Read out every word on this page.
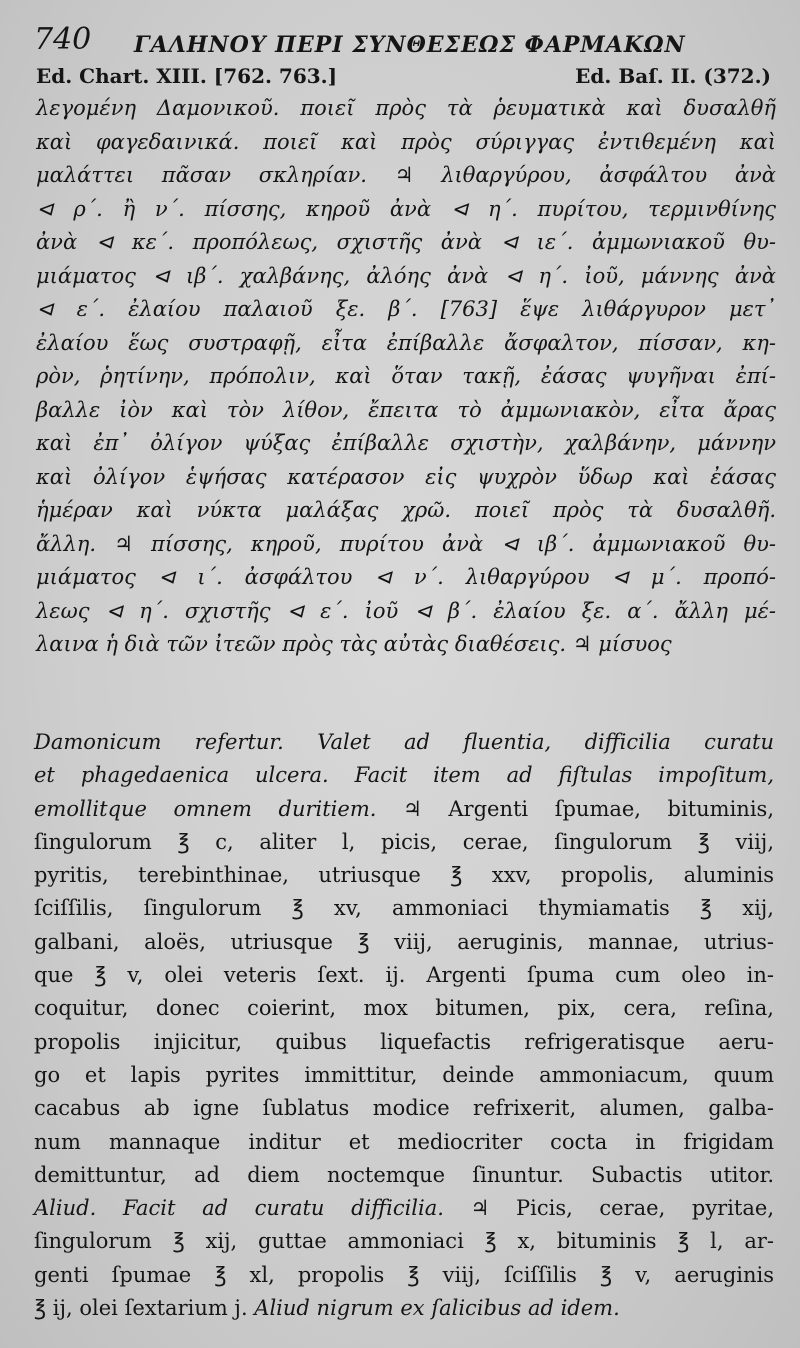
740 ΓΑΛΗΝΟΥ ΠΕΡΙ ΣΥΝΘΕΣΕΩΣ ΦΑΡΜΑΚΩΝ
Ed. Chart. XIII. [762. 763.]	Ed. Baſ. II. (372.)
λεγομένη Δαμονικοῦ. ποιεῖ πρὸς τὰ ῥευματικὰ καὶ δυσαλθῆ
καὶ φαγεδαινικά. ποιεῖ καὶ πρὸς σύριγγας ἐντιθεμένη καὶ
μαλάττει πᾶσαν σκληρίαν. ♃ λιθαργύρου, ἀσφάλτου ἀνὰ
⊲ ρ΄. ἢ ν΄. πίσσης, κηροῦ ἀνὰ ⊲ η΄. πυρίτου, τερμινθίνης
ἀνὰ ⊲ κε΄. προπόλεως, σχιστῆς ἀνὰ ⊲ ιε΄. ἀμμωνιακοῦ θυ-
μιάματος ⊲ ιβ΄. χαλβάνης, ἀλόης ἀνὰ ⊲ η΄. ἰοῦ, μάννης ἀνὰ
⊲ ε΄. ἐλαίου παλαιοῦ ξε. β΄. [763] ἕψε λιθάργυρον μετ᾽
ἐλαίου ἕως συστραφῇ, εἶτα ἐπίβαλλε ἄσφαλτον, πίσσαν, κη-
ρὸν, ῥητίνην, πρόπολιν, καὶ ὅταν τακῇ, ἐάσας ψυγῆναι ἐπί-
βαλλε ἰὸν καὶ τὸν λίθον, ἔπειτα τὸ ἀμμωνιακὸν, εἶτα ἄρας
καὶ ἐπ᾽ ὀλίγον ψύξας ἐπίβαλλε σχιστὴν, χαλβάνην, μάννην
καὶ ὀλίγον ἑψήσας κατέρασον εἰς ψυχρὸν ὕδωρ καὶ ἐάσας
ἡμέραν καὶ νύκτα μαλάξας χρῶ. ποιεῖ πρὸς τὰ δυσαλθῆ.
ἄλλη. ♃ πίσσης, κηροῦ, πυρίτου ἀνὰ ⊲ ιβ΄. ἀμμωνιακοῦ θυ-
μιάματος ⊲ ι΄. ἀσφάλτου ⊲ ν΄. λιθαργύρου ⊲ μ΄. προπό-
λεως ⊲ η΄. σχιστῆς ⊲ ε΄. ἰοῦ ⊲ β΄. ἐλαίου ξε. α΄. ἄλλη μέ-
λαινα ἡ διὰ τῶν ἰτεῶν πρὸς τὰς αὐτὰς διαθέσεις. ♃ μίσυος
Damonicum refertur. Valet ad fluentia, difficilia curatu
et phagedaenica ulcera. Facit item ad fiſtulas impoſitum,
emollitque omnem duritiem. ♃ Argenti ſpumae, bituminis,
ſingulorum ℥ c, aliter l, picis, cerae, ſingulorum ℥ viij,
pyritis, terebinthinae, utriusque ℥ xxv, propolis, aluminis
ſciſſilis, ſingulorum ℥ xv, ammoniaci thymiamatis ℥ xij,
galbani, aloës, utriusque ℥ viij, aeruginis, mannae, utrius-
que ℥ v, olei veteris ſext. ij. Argenti ſpuma cum oleo in-
coquitur, donec coierint, mox bitumen, pix, cera, reſina,
propolis injicitur, quibus liquefactis refrigeratisque aeru-
go et lapis pyrites immittitur, deinde ammoniacum, quum
cacabus ab igne ſublatus modice refrixerit, alumen, galba-
num mannaque inditur et mediocriter cocta in frigidam
demittuntur, ad diem noctemque ſinuntur. Subactis utitor.
Aliud. Facit ad curatu difficilia. ♃ Picis, cerae, pyritae,
ſingulorum ℥ xij, guttae ammoniaci ℥ x, bituminis ℥ l, ar-
genti ſpumae ℥ xl, propolis ℥ viij, ſciſſilis ℥ v, aeruginis
℥ ij, olei ſextarium j. Aliud nigrum ex ſalicibus ad idem.
